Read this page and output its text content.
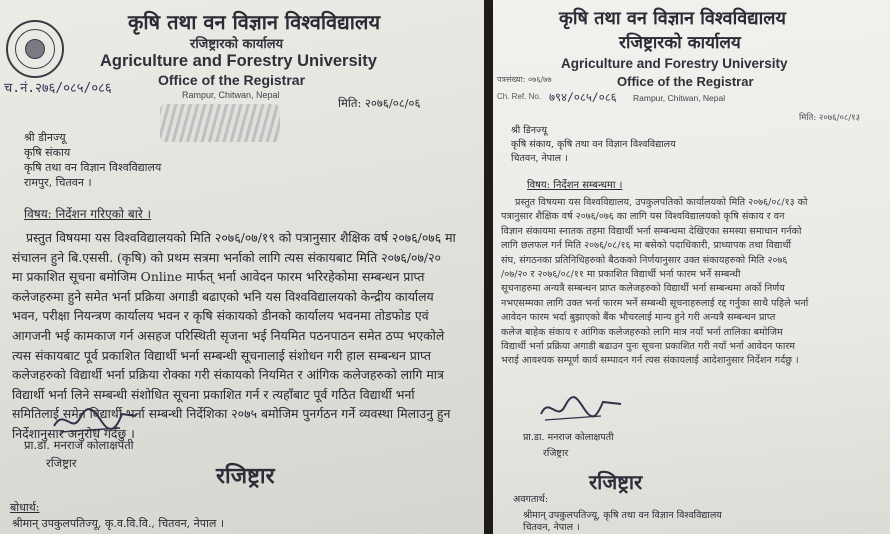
कृषि तथा वन विज्ञान विश्वविद्यालय
रजिष्ट्रारको कार्यालय
Agriculture and Forestry University
Office of the Registrar
Rampur, Chitwan, Nepal
च.नं.२७६/०८५/०८६
मिति: २०७६/०८/०६
श्री डीनज्यू
कृषि संकाय
कृषि तथा वन विज्ञान विश्वविद्यालय
रामपुर, चितवन ।
विषय: निर्देशन गरिएको बारे ।
प्रस्तुत विषयमा यस विश्वविद्यालयको मिति २०७६/०७/१९ को पत्रानुसार शैक्षिक वर्ष २०७६/०७६ मा
संचालन हुने बि.एससी. (कृषि) को प्रथम सत्रमा भर्नाको लागि त्यस संकायबाट मिति २०७६/०७/२०
मा प्रकाशित सूचना बमोजिम Online मार्फत् भर्ना आवेदन फारम भरिरहेकोमा सम्बन्धन प्राप्त
कलेजहरुमा हुने समेत भर्ना प्रक्रिया अगाडी बढाएको भनि यस विश्वविद्यालयको केन्द्रीय कार्यालय
भवन, परीक्षा नियन्त्रण कार्यालय भवन र कृषि संकायको डीनको कार्यालय भवनमा तोडफोड एवं
आगजनी भई कामकाज गर्न असहज परिस्थिती सृजना भई नियमित पठनपाठन समेत ठप्प भएकोले
त्यस संकायबाट पूर्व प्रकाशित विद्यार्थी भर्ना सम्बन्धी सूचनालाई संशोधन गरी हाल सम्बन्धन प्राप्त
कलेजहरुको विद्यार्थी भर्ना प्रक्रिया रोक्का गरी संकायको नियमित र आंगिक कलेजहरुको लागि मात्र
विद्यार्थी भर्ना लिने सम्बन्धी संशोधित सूचना प्रकाशित गर्न र त्यहाँबाट पूर्व गठित विद्यार्थी भर्ना
समितिलाई समेत विद्यार्थी भर्ना सम्बन्धी निर्देशिका २०७५ बमोजिम पुनर्गठन गर्ने व्यवस्था मिलाउनु हुन
निर्देशानुसार अनुरोध गर्दछु ।
प्रा.डा. मनराज कोलाक्षपती
रजिष्ट्रार	रजिष्ट्रार
बोधार्थ:
श्रीमान् उपकुलपतिज्यू, कृ.व.वि.वि., चितवन, नेपाल ।
कृषि तथा वन विज्ञान विश्वविद्यालय
रजिष्ट्रारको कार्यालय
Agriculture and Forestry University
Office of the Registrar
Rampur, Chitwan, Nepal
पत्रसंख्या: ०७६/७७
Ch. Ref. No. ७९४/०८५/०८६
मिति: २०७६/०८/१३
श्री डिनज्यू
कृषि संकाय, कृषि तथा वन विज्ञान विश्वविद्यालय
चितवन, नेपाल ।
विषय: निर्देशन सम्बन्धमा ।
प्रस्तुत विषयमा यस विश्वविद्यालय, उपकुलपतिको कार्यालयको मिति २०७६/०८/१३ को
पत्रानुसार शैक्षिक वर्ष २०७६/०७६ का लागि यस विश्वविद्यालयको कृषि संकाय र वन
विज्ञान संकायमा स्नातक तहमा विद्यार्थी भर्ना सम्बन्धमा देखिएका समस्या समाधान गर्नको
लागि छलफल गर्न मिति २०७६/०८/१६ मा बसेको पदाधिकारी, प्राध्यापक तथा विद्यार्थी
संघ, संगठनका प्रतिनिधिहरुको बैठकको निर्णयानुसार उक्त संकायहरुको मिति २०७६
/०७/२० र २०७६/०८/११ मा प्रकाशित विद्यार्थी भर्ना फारम भर्ने सम्बन्धी
सूचनाहरुमा अन्यत्रै सम्बन्धन प्राप्त कलेजहरुको विद्यार्थी भर्ना सम्बन्धमा अर्को निर्णय
नभएसम्मका लागि उक्त भर्ना फारम भर्ने सम्बन्धी सूचनाहरुलाई रद्द गर्नुका साथै पहिले भर्ना
आवेदन फारम भर्दा बुझाएको बैंक भौचरलाई मान्य हुने गरी अन्यत्रै सम्बन्धन प्राप्त
कलेज बाहेक संकाय र आंगिक कलेजहरुको लागि मात्र नयाँ भर्ना तालिका बमोजिम
विद्यार्थी भर्ना प्रक्रिया अगाडी बढाउन पुनः सूचना प्रकाशित गरी नयाँ भर्ना आवेदन फारम
भराई आवश्यक सम्पूर्ण कार्य सम्पादन गर्न त्यस संकायलाई आदेशानुसार निर्देशन गर्दछु ।
प्रा.डा. मनराज कोलाक्षपती
रजिष्ट्रार
रजिष्ट्रार
अवगतार्थ:
श्रीमान् उपकुलपतिज्यू, कृषि तथा वन विज्ञान विश्वविद्यालय
चितवन, नेपाल ।
